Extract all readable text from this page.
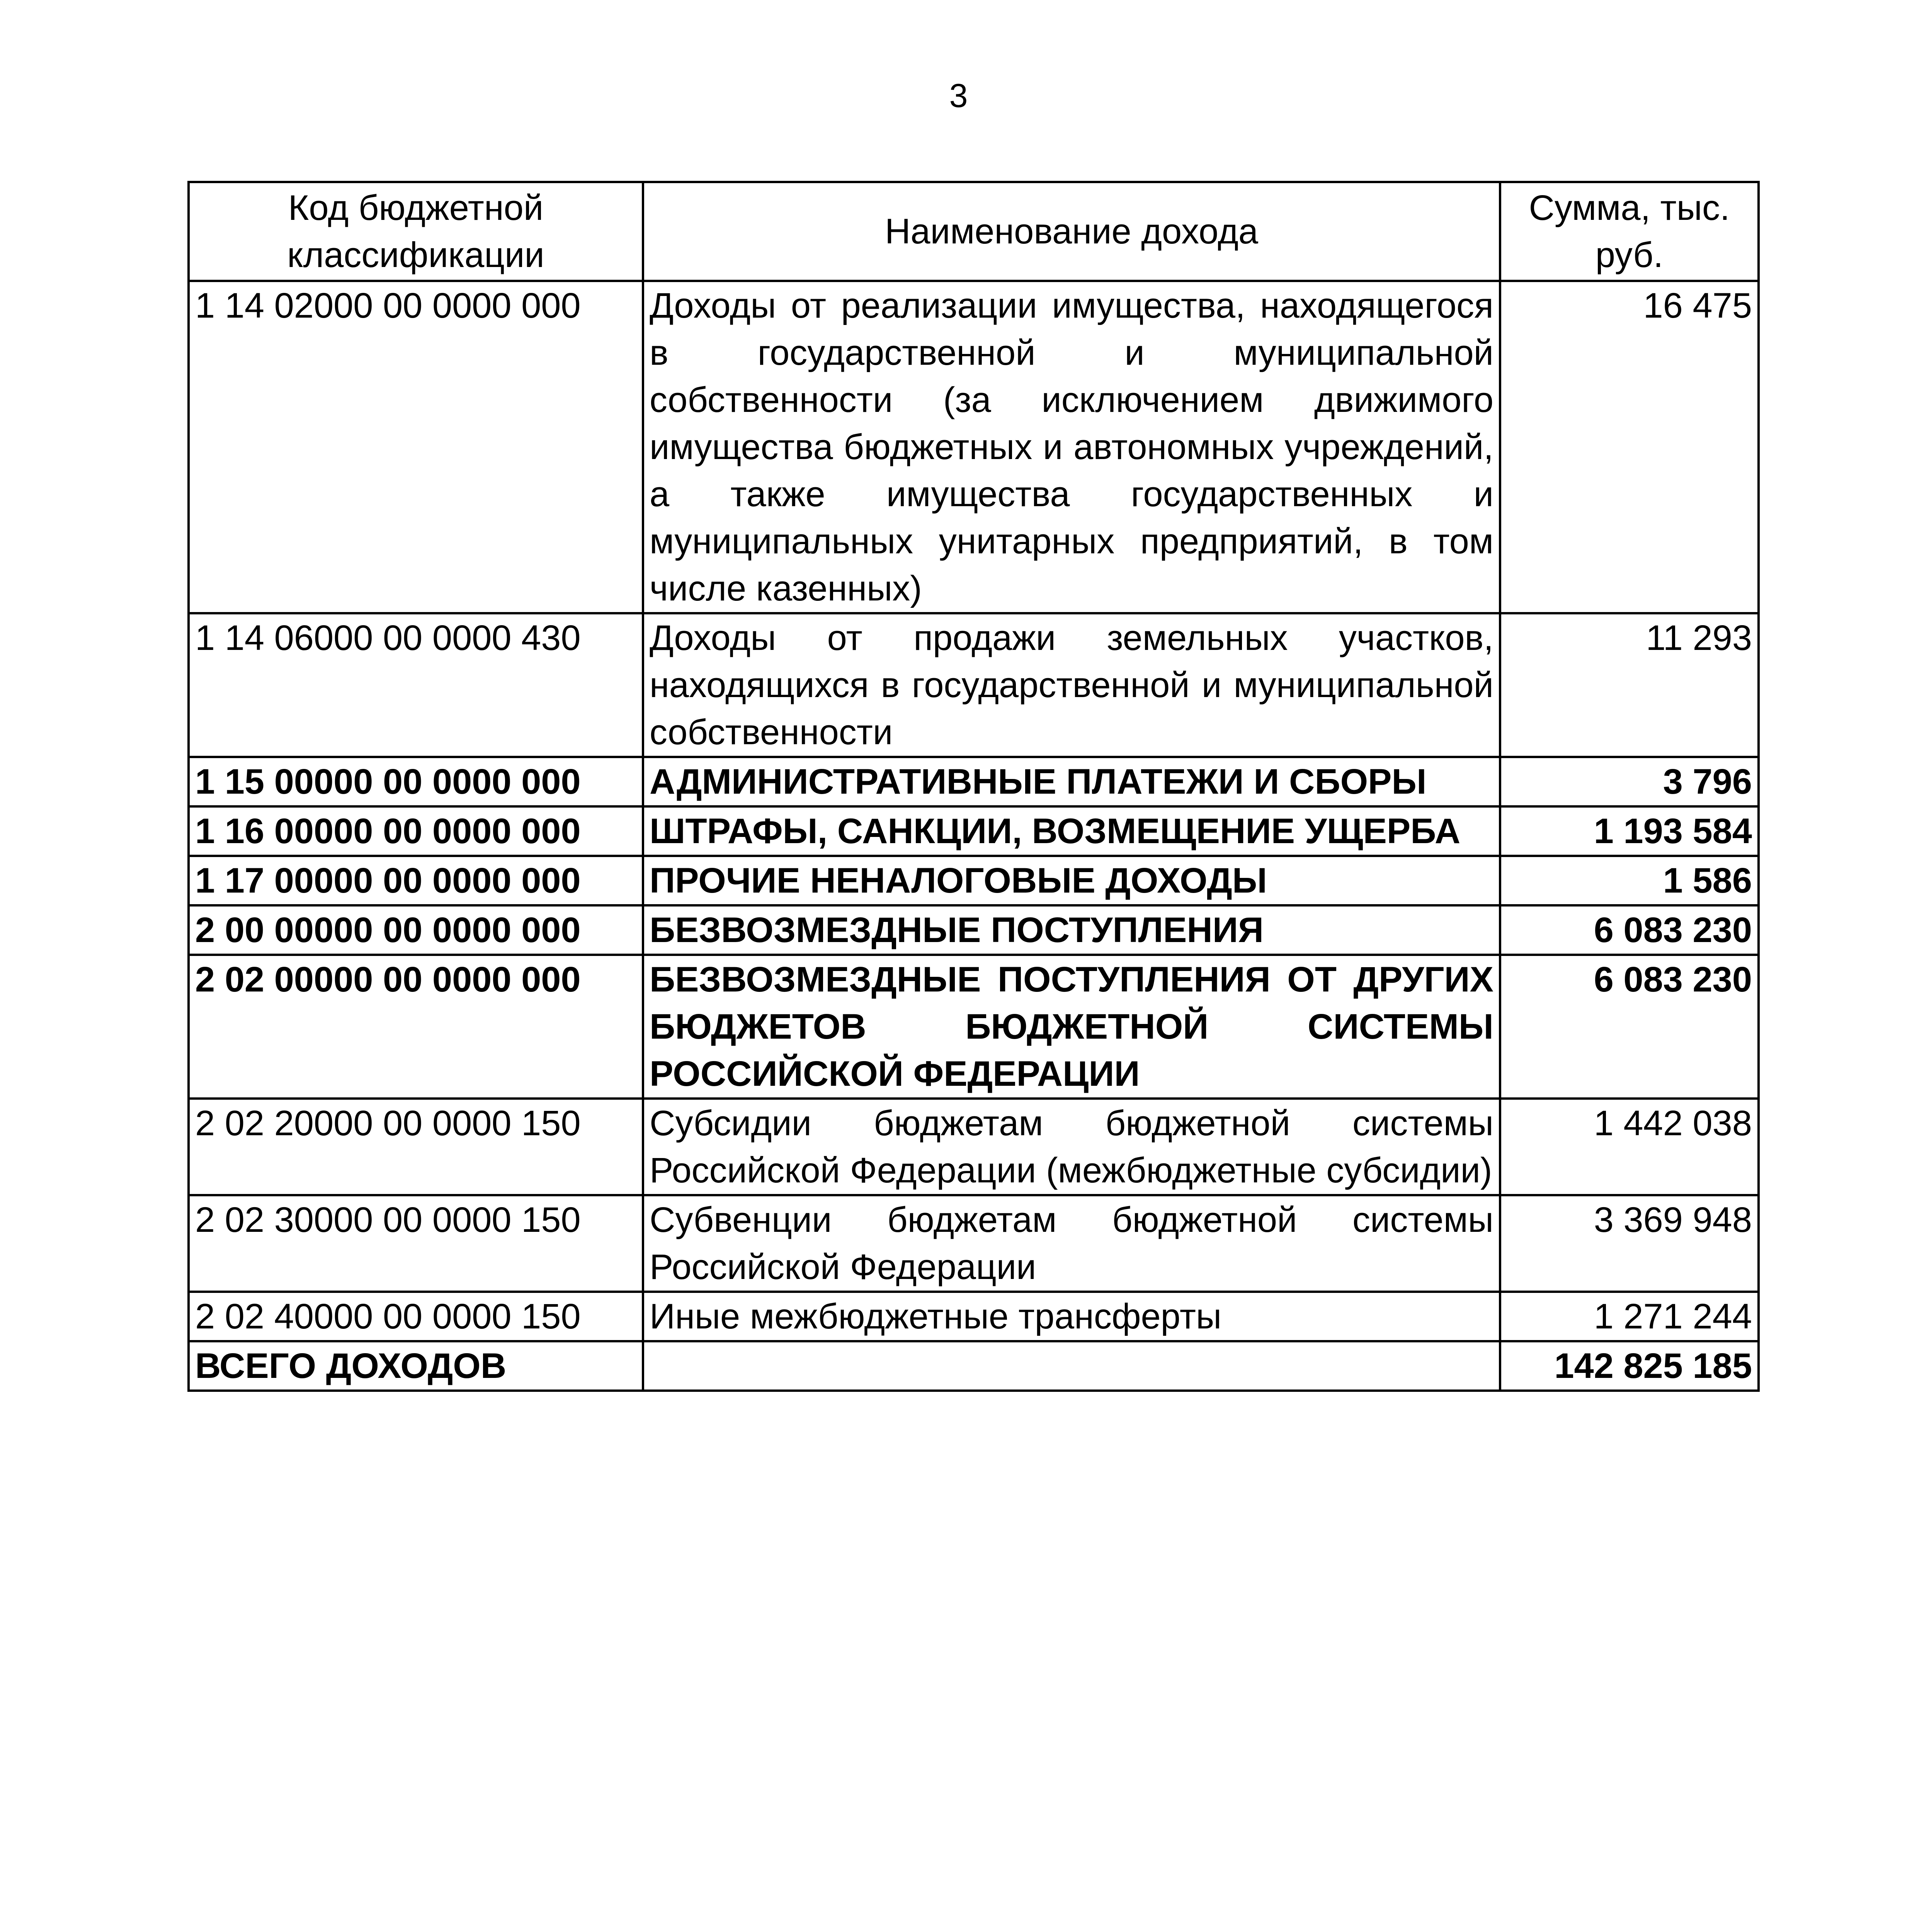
3
Код бюджетной классификации	Наименование дохода	Сумма, тыс. руб.
1 14 02000 00 0000 000	Доходы от реализации имущества, находящегося в государственной и муниципальной собственности (за исключением движимого имущества бюджетных и автономных учреждений, а также имущества государственных и муниципальных унитарных предприятий, в том числе казенных)	16 475
1 14 06000 00 0000 430	Доходы от продажи земельных участков, находящихся в государственной и муниципальной собственности	11 293
1 15 00000 00 0000 000	АДМИНИСТРАТИВНЫЕ ПЛАТЕЖИ И СБОРЫ	3 796
1 16 00000 00 0000 000	ШТРАФЫ, САНКЦИИ, ВОЗМЕЩЕНИЕ УЩЕРБА	1 193 584
1 17 00000 00 0000 000	ПРОЧИЕ НЕНАЛОГОВЫЕ ДОХОДЫ	1 586
2 00 00000 00 0000 000	БЕЗВОЗМЕЗДНЫЕ ПОСТУПЛЕНИЯ	6 083 230
2 02 00000 00 0000 000	БЕЗВОЗМЕЗДНЫЕ ПОСТУПЛЕНИЯ ОТ ДРУГИХ БЮДЖЕТОВ БЮДЖЕТНОЙ СИСТЕМЫ РОССИЙСКОЙ ФЕДЕРАЦИИ	6 083 230
2 02 20000 00 0000 150	Субсидии бюджетам бюджетной системы Российской Федерации (межбюджетные субсидии)	1 442 038
2 02 30000 00 0000 150	Субвенции бюджетам бюджетной системы Российской Федерации	3 369 948
2 02 40000 00 0000 150	Иные межбюджетные трансферты	1 271 244
ВСЕГО ДОХОДОВ		142 825 185
